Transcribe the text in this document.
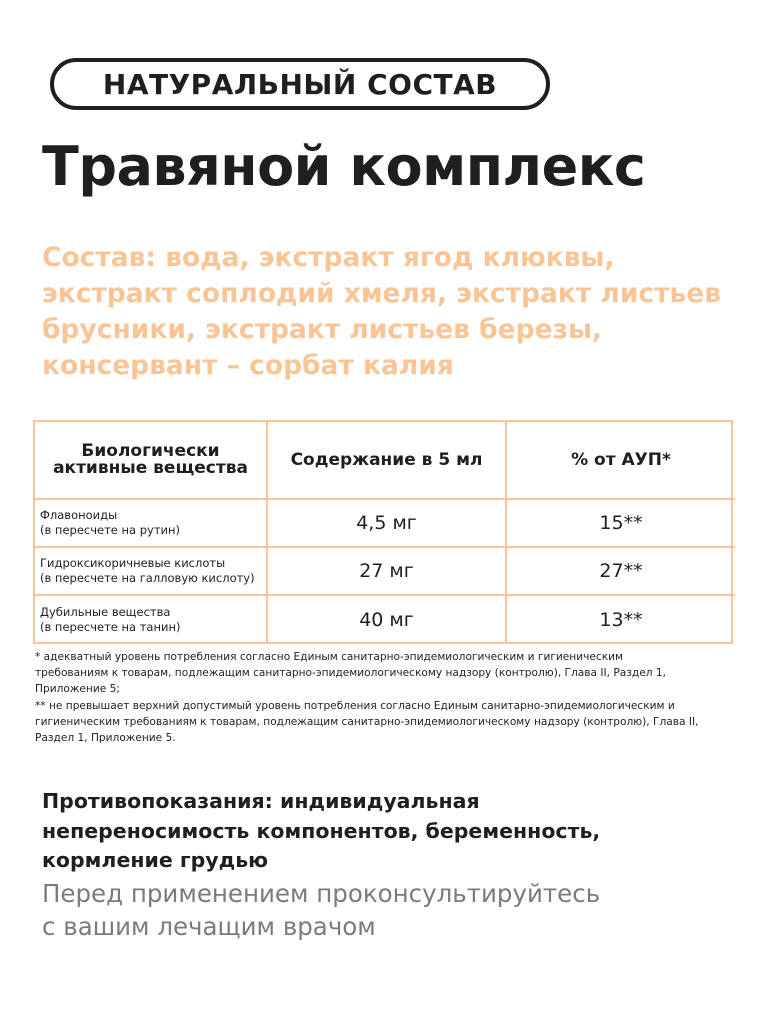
НАТУРАЛЬНЫЙ СОСТАВ
Травяной комплекс
Состав: вода, экстракт ягод клюквы,
экстракт соплодий хмеля, экстракт листьев
брусники, экстракт листьев березы,
консервант – сорбат калия
Биологически
активные вещества	Содержание в 5 мл	% от АУП*

Флавоноиды
(в пересчете на рутин)	4,5 мг	15**

Гидроксикоричневые кислоты
(в пересчете на галловую кислоту)	27 мг	27**

Дубильные вещества
(в пересчете на танин)	40 мг	13**
* адекватный уровень потребления согласно Единым санитарно-эпидемиологическим и гигиеническим
требованиям к товарам, подлежащим санитарно-эпидемиологическому надзору (контролю), Глава II, Раздел 1,
Приложение 5;
** не превышает верхний допустимый уровень потребления согласно Единым санитарно-эпидемиологическим и
гигиеническим требованиям к товарам, подлежащим санитарно-эпидемиологическому надзору (контролю), Глава II,
Раздел 1, Приложение 5.
Противопоказания: индивидуальная
непереносимость компонентов, беременность,
кормление грудью
Перед применением проконсультируйтесь
с вашим лечащим врачом
